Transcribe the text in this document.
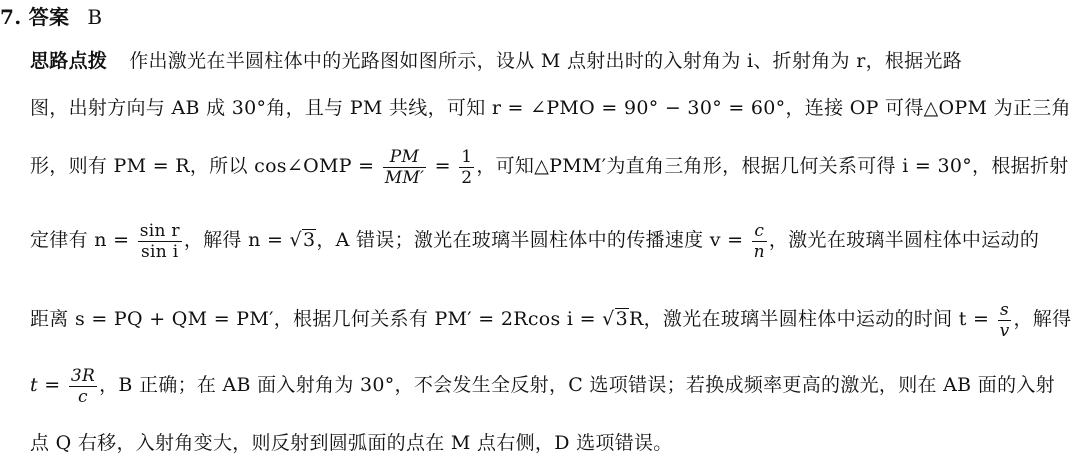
7. 答案 B
思路点拨 作出激光在半圆柱体中的光路图如图所示，设从 M 点射出时的入射角为 i、折射角为 r，根据光路
图，出射方向与 AB 成 30°角，且与 PM 共线，可知 r = ∠PMO = 90° − 30° = 60°，连接 OP 可得△OPM 为正三角
形，则有 PM = R，所以 cos∠OMP = $\frac{PM}{MM'} = \frac{1}{2}$ ，可知△PMM′为直角三角形，根据几何关系可得 i = 30°，根据折射
定律有 $n = \frac{\text{sin r}}{\text{sin i}}$ ，解得 n = √3，A 错误；激光在玻璃半圆柱体中的传播速度 $v = \frac{c}{n}$ ，激光在玻璃半圆柱体中运动的
距离 s = PQ + QM = PM′，根据几何关系有 PM′ = 2Rcos i = √3R，激光在玻璃半圆柱体中运动的时间 $t = \frac{s}{v}$ ，解得
$t = \frac{3R}{c}$ ，B 正确；在 AB 面入射角为 30°，不会发生全反射，C 选项错误；若换成频率更高的激光，则在 AB 面的入射
点 Q 右移，入射角变大，则反射到圆弧面的点在 M 点右侧，D 选项错误。
